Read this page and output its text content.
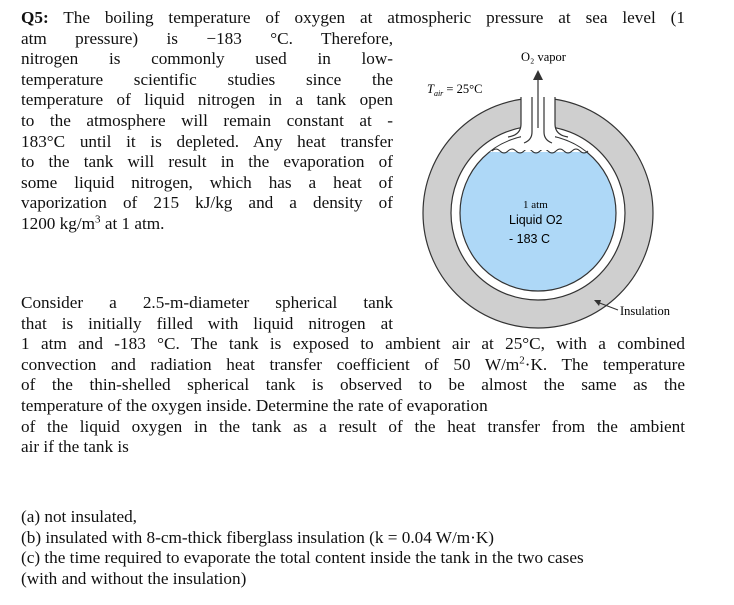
Q5: The boiling temperature of oxygen at atmospheric pressure at sea level (1
atm pressure) is −183 °C. Therefore,
nitrogen is commonly used in low-
temperature scientific studies since the
temperature of liquid nitrogen in a tank open
to the atmosphere will remain constant at -
183°C until it is depleted. Any heat transfer
to the tank will result in the evaporation of
some liquid nitrogen, which has a heat of
vaporization of 215 kJ/kg and a density of
1200 $kg/m^3$ at 1 atm.
Consider a 2.5-m-diameter spherical tank
that is initially filled with liquid nitrogen at
1 atm and -183 °C. The tank is exposed to ambient air at 25°C, with a combined
convection and radiation heat transfer coefficient of 50 $W/m^2\cdot K$. The temperature
of the thin-shelled spherical tank is observed to be almost the same as the
temperature of the oxygen inside. Determine the rate of evaporation
of the liquid oxygen in the tank as a result of the heat transfer from the ambient
air if the tank is
(a) not insulated,
(b) insulated with 8-cm-thick fiberglass insulation (k = 0.04 W/m·K)
(c) the time required to evaporate the total content inside the tank in the two cases
(with and without the insulation)
O₂ vapor
$T_{air} = 25^\circ C$
1 atm
Liquid O2
- 183 C
Insulation
